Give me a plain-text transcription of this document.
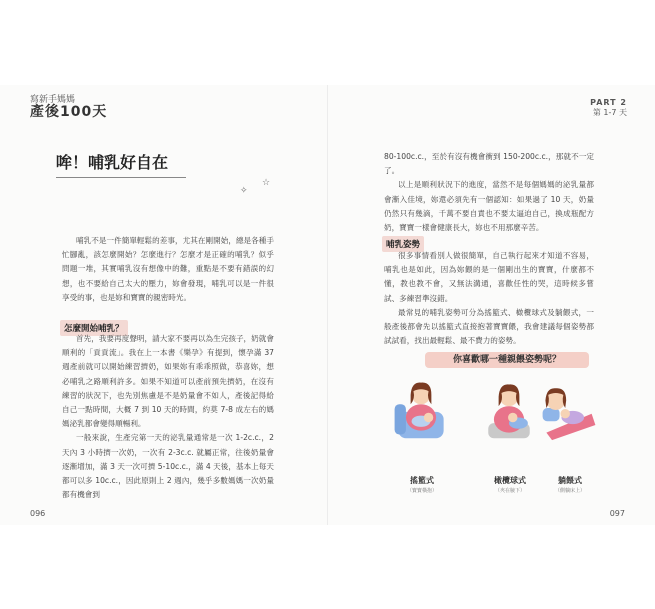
寫新手媽媽
產後100天
PART 2
第 1-7 天
哞！哺乳好自在
✧
☆

哺乳不是一件簡單輕鬆的差事，尤其在剛開始，總是各種手忙腳亂，該怎麼開始？怎麼進行？怎麼才是正確的哺乳？似乎問題一堆，其實哺乳沒有想像中的難，重點是不要有錯誤的幻想，也不要給自己太大的壓力，妳會發現，哺乳可以是一件很享受的事，也是妳和寶寶的親密時光。

怎麼開始哺乳？

首先，我要再度聲明，請大家不要再以為生完孩子，奶就會順利的「貢貢流」。我在上一本書《樂孕》有提到，懷孕滿 37 週產前就可以開始練習擠奶，如果妳有乖乖照做，恭喜妳，想必哺乳之路順利許多。如果不知道可以產前預先擠奶，在沒有練習的狀況下，也先別焦慮是不是奶量會不如人，產後記得給自己一點時間，大概 7 到 10 天的時間，約莫 7-8 成左右的媽媽泌乳都會變得順暢利。

一般來說，生產完第一天的泌乳量通常是一次 1-2c.c.，2 天內 3 小時擠一次奶，一次有 2-3c.c. 就屬正常，往後奶量會逐漸增加，滿 3 天一次可擠 5-10c.c.，滿 4 天後，基本上每天都可以多 10c.c.，因此原則上 2 週內，幾乎多數媽媽一次奶量都有機會到

096

80-100c.c.，至於有沒有機會衝到 150-200c.c.，那就不一定了。

以上是順利狀況下的進度，當然不是每個媽媽的泌乳量都會漸入佳境，妳還必須先有一個認知：如果過了 10 天，奶量仍然只有幾滴，千萬不要自責也不要太逼迫自己，換成瓶配方奶，寶寶一樣會健康長大，妳也不用那麼辛苦。

哺乳姿勢

很多事情看別人做很簡單，自己執行起來才知道不容易，哺乳也是如此，因為妳餵的是一個剛出生的寶寶，什麼都不懂，教也教不會，又無法溝通，喜歡任性的哭，這時候多嘗試、多練習準沒錯。

最常見的哺乳姿勢可分為搖籃式、橄欖球式及躺餵式，一般產後都會先以搖籃式直接抱著寶寶餵，我會建議每個姿勢都試試看，找出最輕鬆、最不費力的姿勢。

你喜歡哪一種親餵姿勢呢？
搖籃式
（寶寶橫抱）
橄欖球式
（夾在腋下）
躺餵式
（側躺床上）
097
